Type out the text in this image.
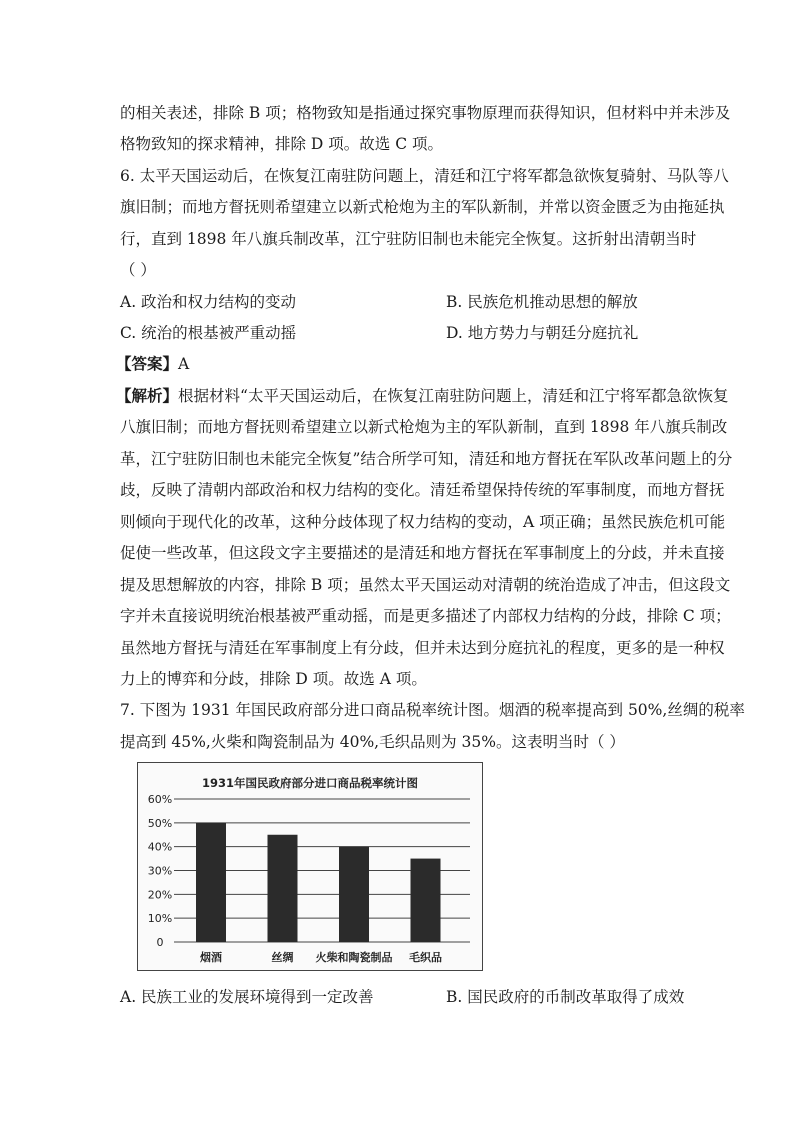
的相关表述，排除 B 项；格物致知是指通过探究事物原理而获得知识，但材料中并未涉及
格物致知的探求精神，排除 D 项。故选 C 项。
6. 太平天国运动后，在恢复江南驻防问题上，清廷和江宁将军都急欲恢复骑射、马队等八
旗旧制；而地方督抚则希望建立以新式枪炮为主的军队新制，并常以资金匮乏为由拖延执
行，直到 1898 年八旗兵制改革，江宁驻防旧制也未能完全恢复。这折射出清朝当时
（ ）
A. 政治和权力结构的变动	B. 民族危机推动思想的解放
C. 统治的根基被严重动摇	D. 地方势力与朝廷分庭抗礼
【答案】A
【解析】根据材料“太平天国运动后，在恢复江南驻防问题上，清廷和江宁将军都急欲恢复
八旗旧制；而地方督抚则希望建立以新式枪炮为主的军队新制，直到 1898 年八旗兵制改
革，江宁驻防旧制也未能完全恢复”结合所学可知，清廷和地方督抚在军队改革问题上的分
歧，反映了清朝内部政治和权力结构的变化。清廷希望保持传统的军事制度，而地方督抚
则倾向于现代化的改革，这种分歧体现了权力结构的变动，A 项正确；虽然民族危机可能
促使一些改革，但这段文字主要描述的是清廷和地方督抚在军事制度上的分歧，并未直接
提及思想解放的内容，排除 B 项；虽然太平天国运动对清朝的统治造成了冲击，但这段文
字并未直接说明统治根基被严重动摇，而是更多描述了内部权力结构的分歧，排除 C 项；
虽然地方督抚与清廷在军事制度上有分歧，但并未达到分庭抗礼的程度，更多的是一种权
力上的博弈和分歧，排除 D 项。故选 A 项。
7. 下图为 1931 年国民政府部分进口商品税率统计图。烟酒的税率提高到 50%,丝绸的税率
提高到 45%,火柴和陶瓷制品为 40%,毛织品则为 35%。这表明当时（ ）
1931年国民政府部分进口商品税率统计图
0
10%
20%
30%
40%
50%
60%
烟酒	丝绸 火柴和陶瓷制品 毛织品
A. 民族工业的发展环境得到一定改善	B. 国民政府的币制改革取得了成效
